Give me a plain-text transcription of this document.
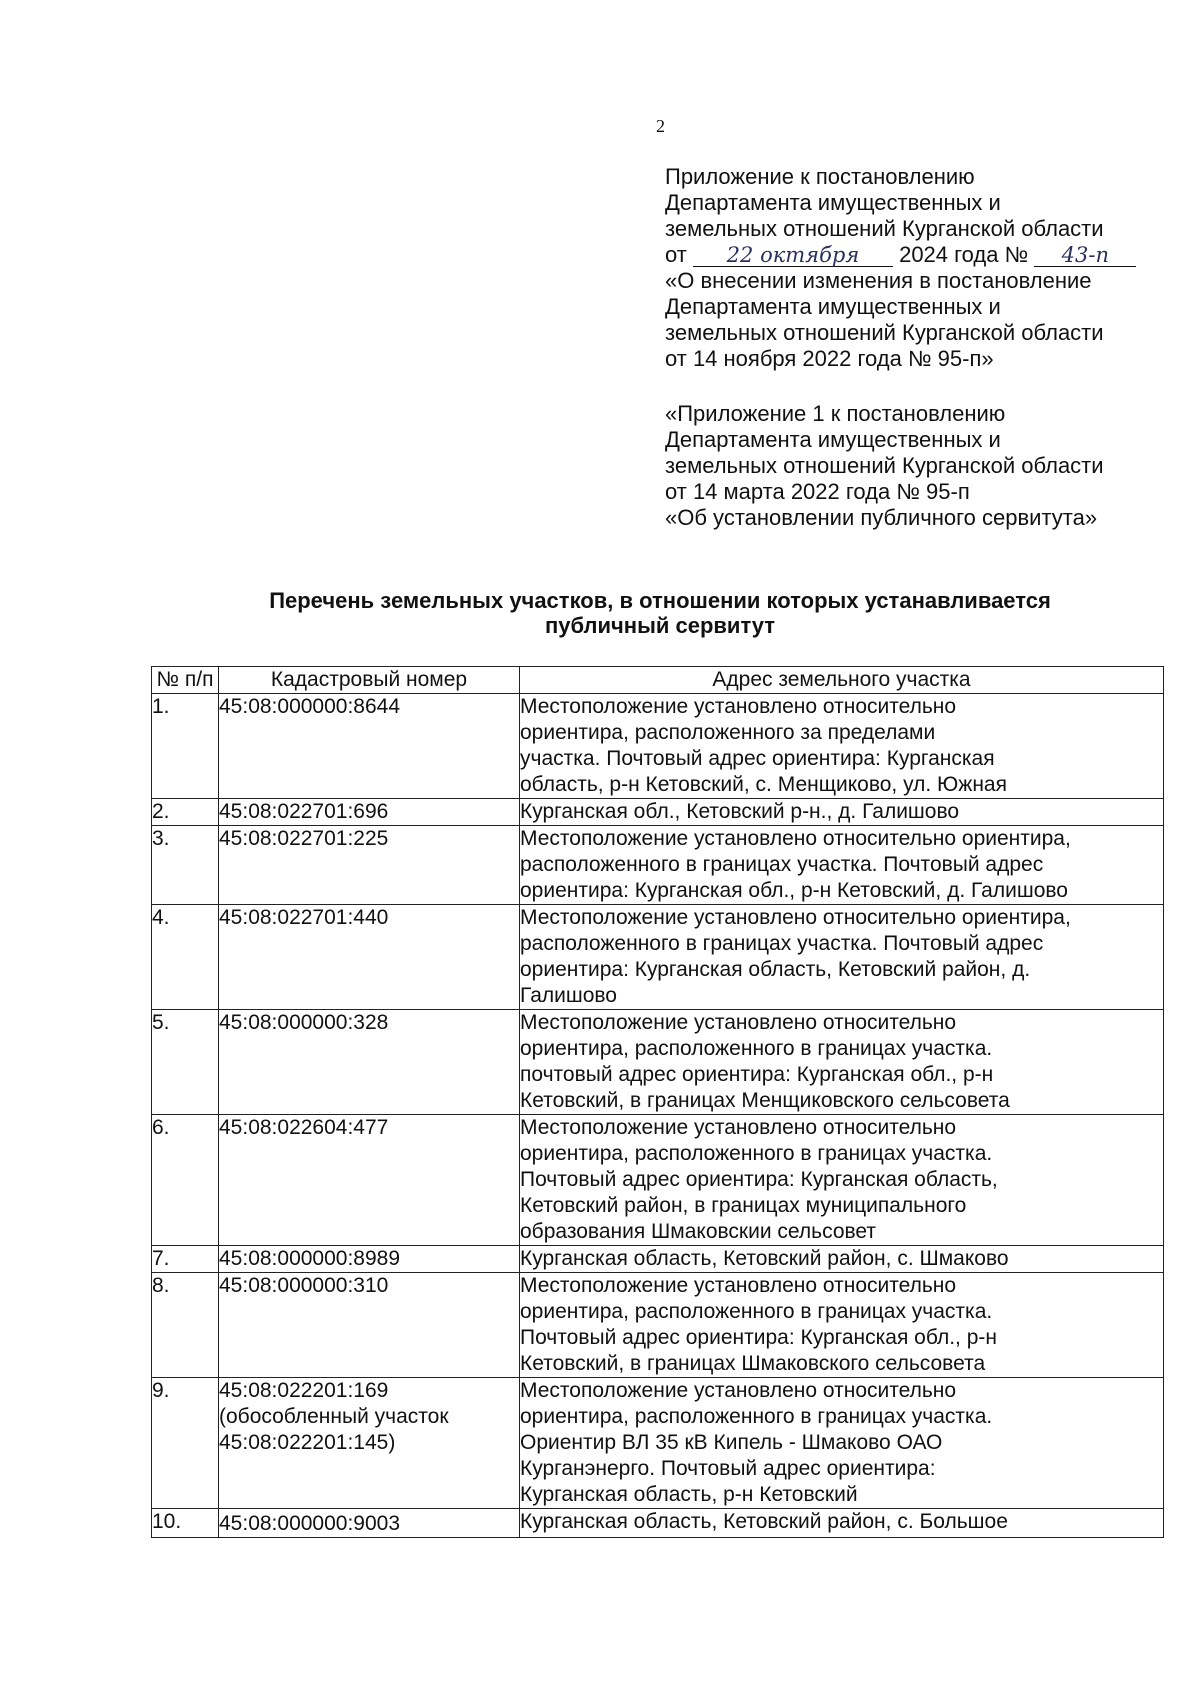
2
Приложение к постановлению
Департамента имущественных и
земельных отношений Курганской области
от 22 октября 2024 года № 43-п
«О внесении изменения в постановление
Департамента имущественных и
земельных отношений Курганской области
от 14 ноября 2022 года № 95-п»
«Приложение 1 к постановлению
Департамента имущественных и
земельных отношений Курганской области
от 14 марта 2022 года № 95-п
«Об установлении публичного сервитута»
Перечень земельных участков, в отношении которых устанавливается
публичный сервитут
№ п/п	Кадастровый номер	Адрес земельного участка
1.	45:08:000000:8644	Местоположение установлено относительно
ориентира, расположенного за пределами
участка. Почтовый адрес ориентира: Курганская
область, р-н Кетовский, с. Менщиково, ул. Южная

2.	45:08:022701:696	Курганская обл., Кетовский р-н., д. Галишово

3.	45:08:022701:225	Местоположение установлено относительно ориентира,
расположенного в границах участка. Почтовый адрес
ориентира: Курганская обл., р-н Кетовский, д. Галишово

4.	45:08:022701:440	Местоположение установлено относительно ориентира,
расположенного в границах участка. Почтовый адрес
ориентира: Курганская область, Кетовский район, д.
Галишово

5.	45:08:000000:328	Местоположение установлено относительно
ориентира, расположенного в границах участка.
почтовый адрес ориентира: Курганская обл., р-н
Кетовский, в границах Менщиковского сельсовета

6.	45:08:022604:477	Местоположение установлено относительно
ориентира, расположенного в границах участка.
Почтовый адрес ориентира: Курганская область,
Кетовский район, в границах муниципального
образования Шмаковскии сельсовет

7.	45:08:000000:8989	Курганская область, Кетовский район, с. Шмаково

8.	45:08:000000:310	Местоположение установлено относительно
ориентира, расположенного в границах участка.
Почтовый адрес ориентира: Курганская обл., р-н
Кетовский, в границах Шмаковского сельсовета

9.	45:08:022201:169
(обособленный участок
45:08:022201:145)	Местоположение установлено относительно
ориентира, расположенного в границах участка.
Ориентир ВЛ 35 кВ Кипель - Шмаково ОАО
Курганэнерго. Почтовый адрес ориентира:
Курганская область, р-н Кетовский

10.	45:08:000000:9003	Курганская область, Кетовский район, с. Большое
